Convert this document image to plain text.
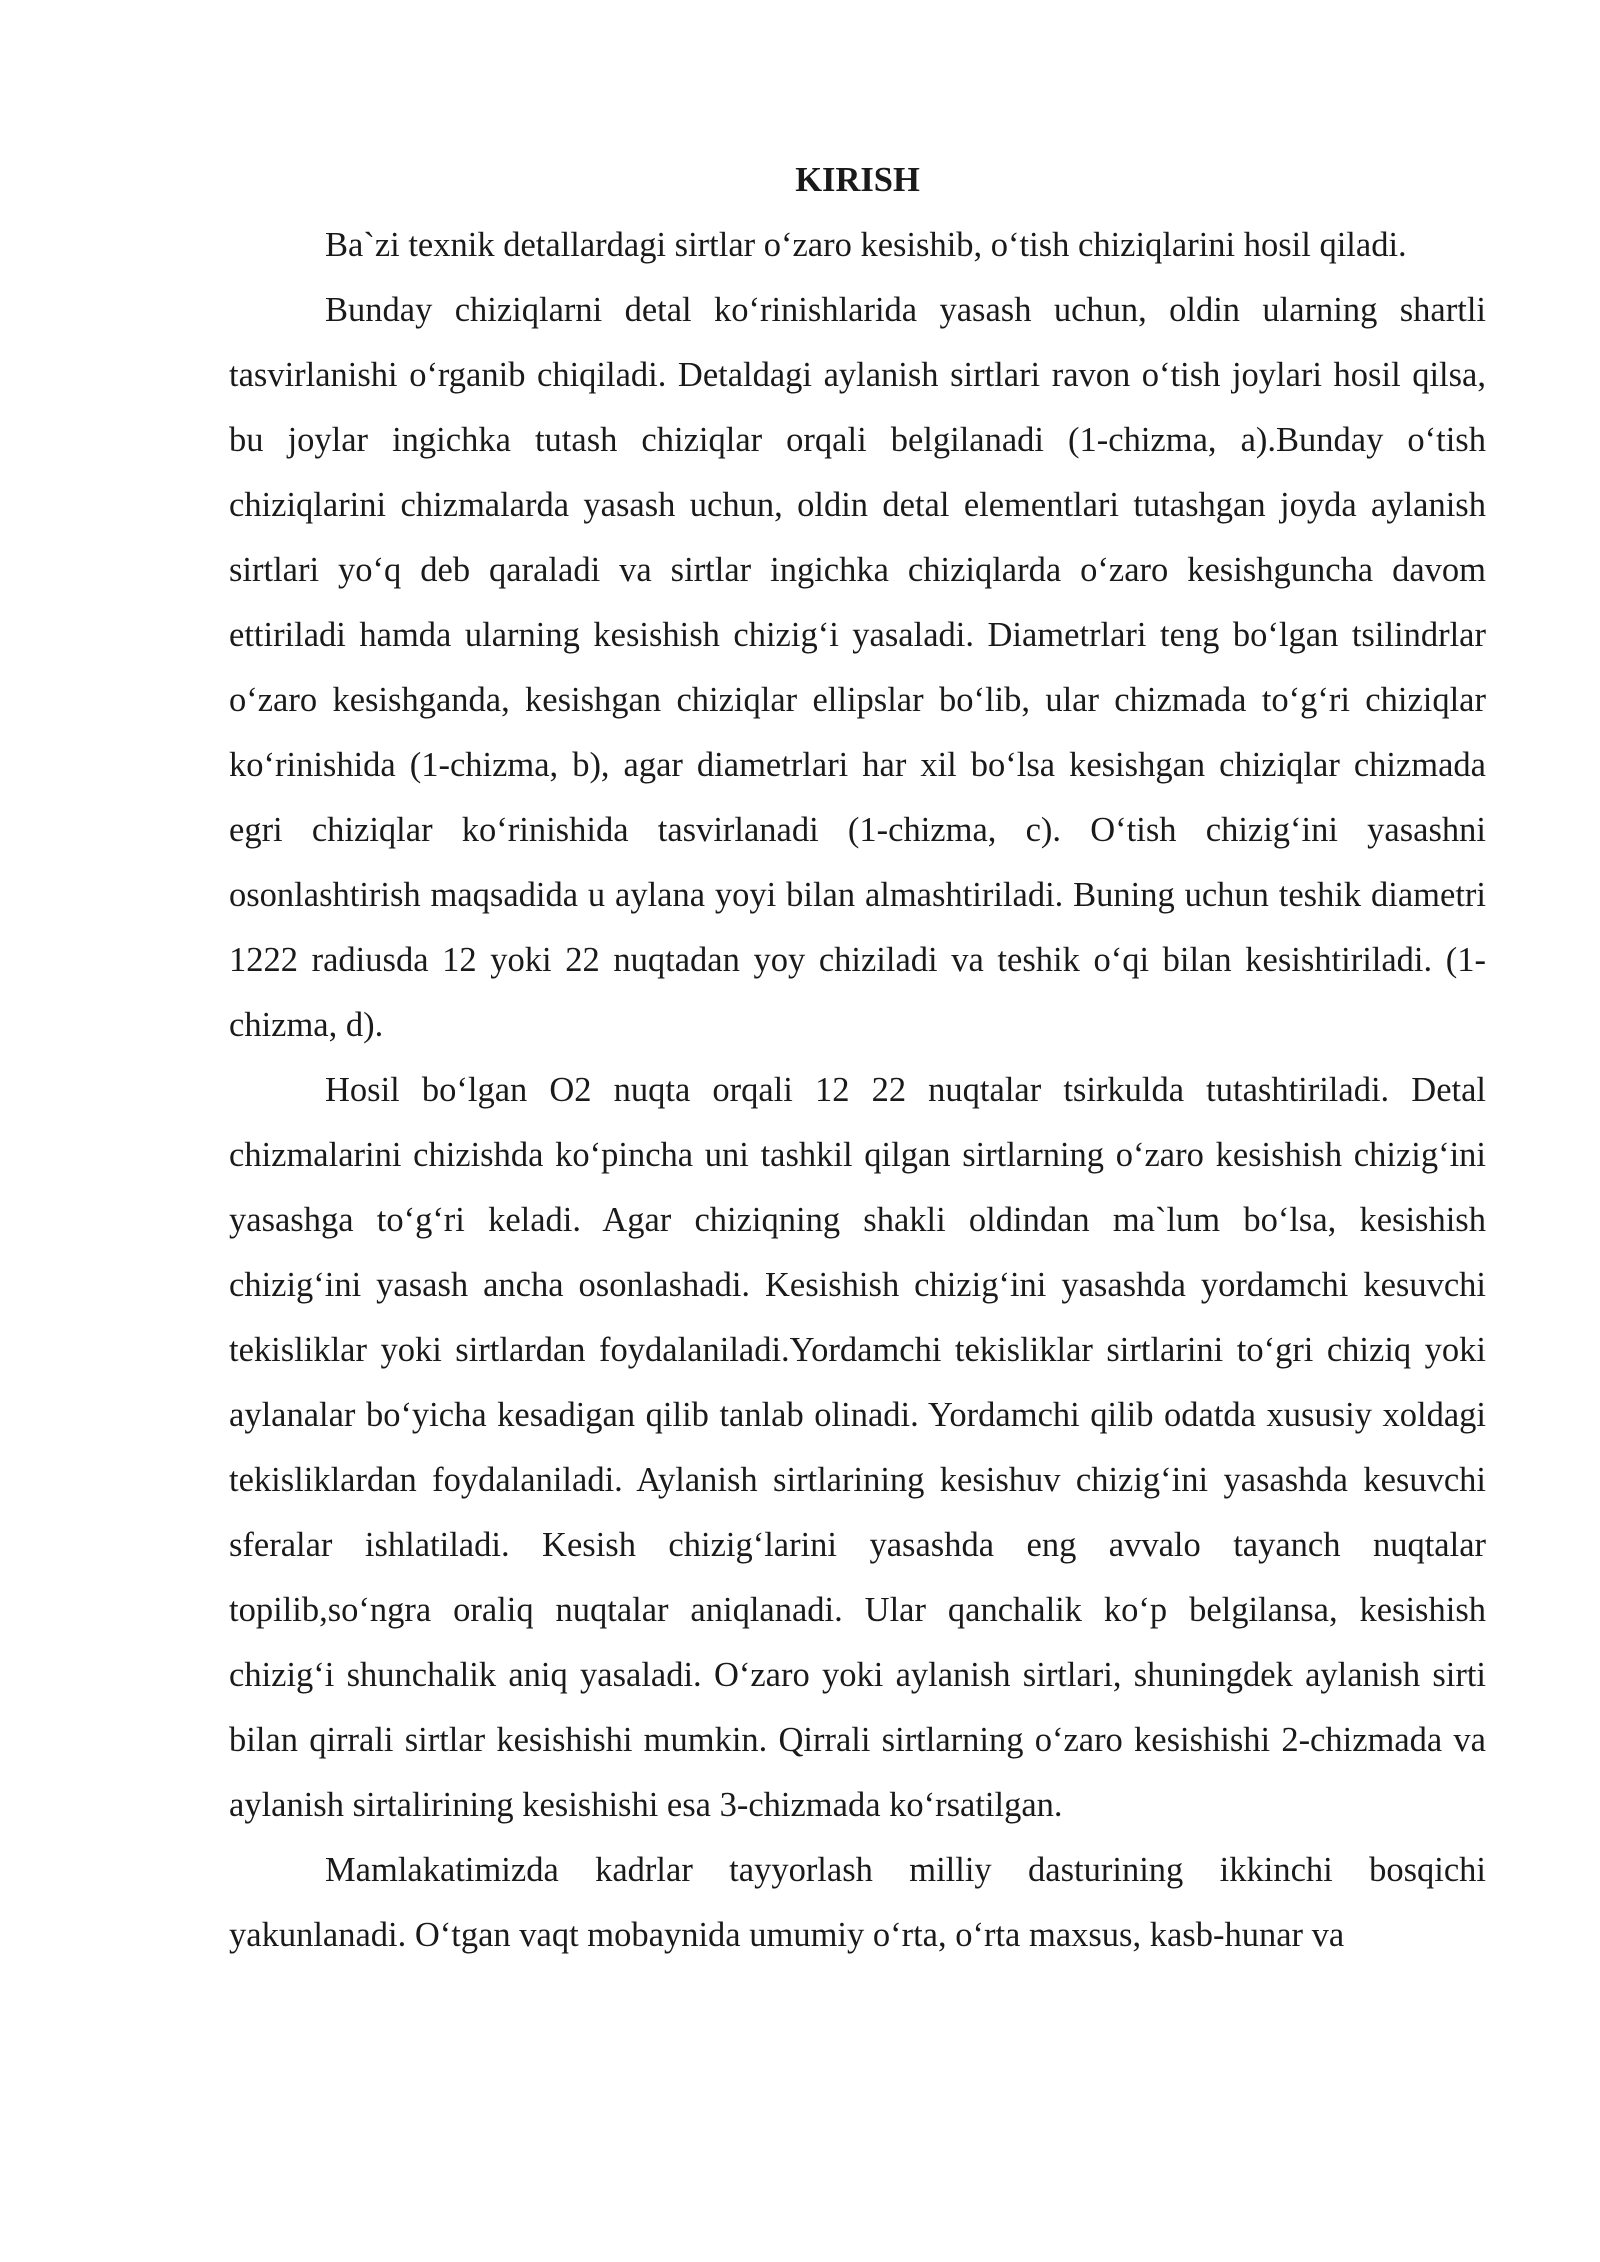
KIRISH

Ba`zi texnik detallardagi sirtlar o‘zaro kesishib, o‘tish chiziqlarini hosil qiladi.

Bunday chiziqlarni detal ko‘rinishlarida yasash uchun, oldin ularning shartli tasvirlanishi o‘rganib chiqiladi. Detaldagi aylanish sirtlari ravon o‘tish joylari hosil qilsa, bu joylar ingichka tutash chiziqlar orqali belgilanadi (1-chizma, a).Bunday o‘tish chiziqlarini chizmalarda yasash uchun, oldin detal elementlari tutashgan joyda aylanish sirtlari yo‘q deb qaraladi va sirtlar ingichka chiziqlarda o‘zaro kesishguncha davom ettiriladi hamda ularning kesishish chizig‘i yasaladi. Diametrlari teng bo‘lgan tsilindrlar o‘zaro kesishganda, kesishgan chiziqlar ellipslar bo‘lib, ular chizmada to‘g‘ri chiziqlar ko‘rinishida (1-chizma, b), agar diametrlari har xil bo‘lsa kesishgan chiziqlar chizmada egri chiziqlar ko‘rinishida tasvirlanadi (1-chizma, c). O‘tish chizig‘ini yasashni osonlashtirish maqsadida u aylana yoyi bilan almashtiriladi. Buning uchun teshik diametri 1222 radiusda 12 yoki 22 nuqtadan yoy chiziladi va teshik o‘qi bilan kesishtiriladi. (1-chizma, d).

Hosil bo‘lgan O2 nuqta orqali 12 22 nuqtalar tsirkulda tutashtiriladi. Detal chizmalarini chizishda ko‘pincha uni tashkil qilgan sirtlarning o‘zaro kesishish chizig‘ini yasashga to‘g‘ri keladi. Agar chiziqning shakli oldindan ma`lum bo‘lsa, kesishish chizig‘ini yasash ancha osonlashadi. Kesishish chizig‘ini yasashda yordamchi kesuvchi tekisliklar yoki sirtlardan foydalaniladi.Yordamchi tekisliklar sirtlarini to‘gri chiziq yoki aylanalar bo‘yicha kesadigan qilib tanlab olinadi. Yordamchi qilib odatda xususiy xoldagi tekisliklardan foydalaniladi. Aylanish sirtlarining kesishuv chizig‘ini yasashda kesuvchi sferalar ishlatiladi. Kesish chizig‘larini yasashda eng avvalo tayanch nuqtalar topilib,so‘ngra oraliq nuqtalar aniqlanadi. Ular qanchalik ko‘p belgilansa, kesishish chizig‘i shunchalik aniq yasaladi. O‘zaro yoki aylanish sirtlari, shuningdek aylanish sirti bilan qirrali sirtlar kesishishi mumkin. Qirrali sirtlarning o‘zaro kesishishi 2-chizmada va aylanish sirtalirining kesishishi esa 3-chizmada ko‘rsatilgan.

Mamlakatimizda kadrlar tayyorlash milliy dasturining ikkinchi bosqichi yakunlanadi. O‘tgan vaqt mobaynida umumiy o‘rta, o‘rta maxsus, kasb-hunar va
